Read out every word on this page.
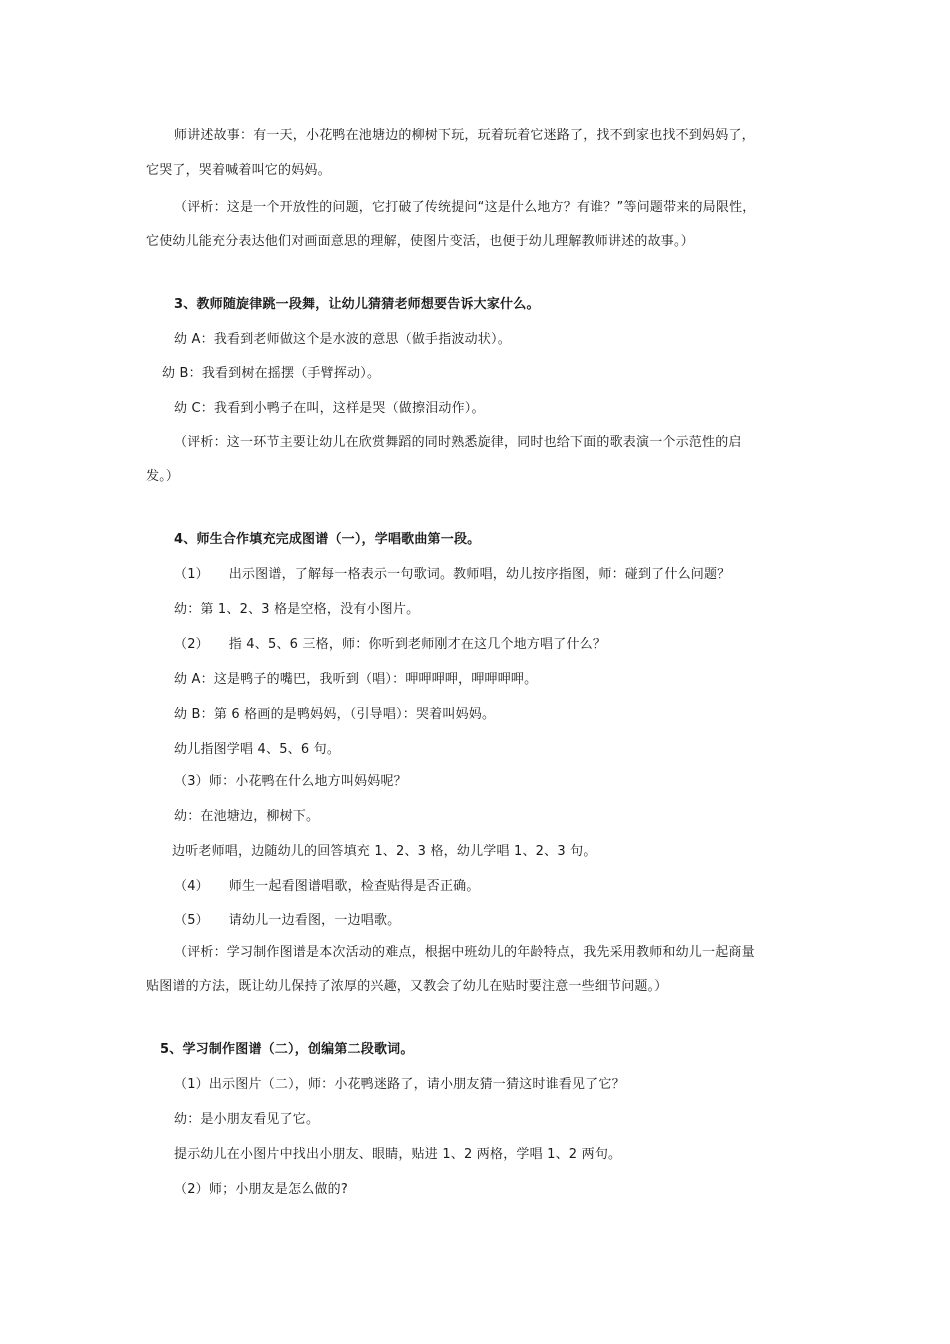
师讲述故事：有一天，小花鸭在池塘边的柳树下玩，玩着玩着它迷路了，找不到家也找不到妈妈了，
它哭了，哭着喊着叫它的妈妈。
（评析：这是一个开放性的问题，它打破了传统提问“这是什么地方？有谁？”等问题带来的局限性，
它使幼儿能充分表达他们对画面意思的理解，使图片变活，也便于幼儿理解教师讲述的故事。）
3、教师随旋律跳一段舞，让幼儿猜猜老师想要告诉大家什么。
幼 A：我看到老师做这个是水波的意思（做手指波动状）。
幼 B：我看到树在摇摆（手臂挥动）。
幼 C：我看到小鸭子在叫，这样是哭（做擦泪动作）。
（评析：这一环节主要让幼儿在欣赏舞蹈的同时熟悉旋律，同时也给下面的歌表演一个示范性的启
发。）
4、师生合作填充完成图谱（一），学唱歌曲第一段。
（1）　　出示图谱，了解每一格表示一句歌词。教师唱，幼儿按序指图，师：碰到了什么问题？
幼：第 1、2、3 格是空格，没有小图片。
（2）　　指 4、5、6 三格，师：你听到老师刚才在这几个地方唱了什么？
幼 A：这是鸭子的嘴巴，我听到（唱）：呷呷呷呷，呷呷呷呷。
幼 B：第 6 格画的是鸭妈妈，（引导唱）：哭着叫妈妈。
幼儿指图学唱 4、5、6 句。
（3）师：小花鸭在什么地方叫妈妈呢？
幼：在池塘边，柳树下。
边听老师唱，边随幼儿的回答填充 1、2、3 格，幼儿学唱 1、2、3 句。
（4）　　师生一起看图谱唱歌，检查贴得是否正确。
（5）　　请幼儿一边看图，一边唱歌。
（评析：学习制作图谱是本次活动的难点，根据中班幼儿的年龄特点，我先采用教师和幼儿一起商量
贴图谱的方法，既让幼儿保持了浓厚的兴趣，又教会了幼儿在贴时要注意一些细节问题。）
5、学习制作图谱（二），创编第二段歌词。
（1）出示图片（二），师：小花鸭迷路了，请小朋友猜一猜这时谁看见了它？
幼：是小朋友看见了它。
提示幼儿在小图片中找出小朋友、眼睛，贴进 1、2 两格，学唱 1、2 两句。
（2）师；小朋友是怎么做的?
